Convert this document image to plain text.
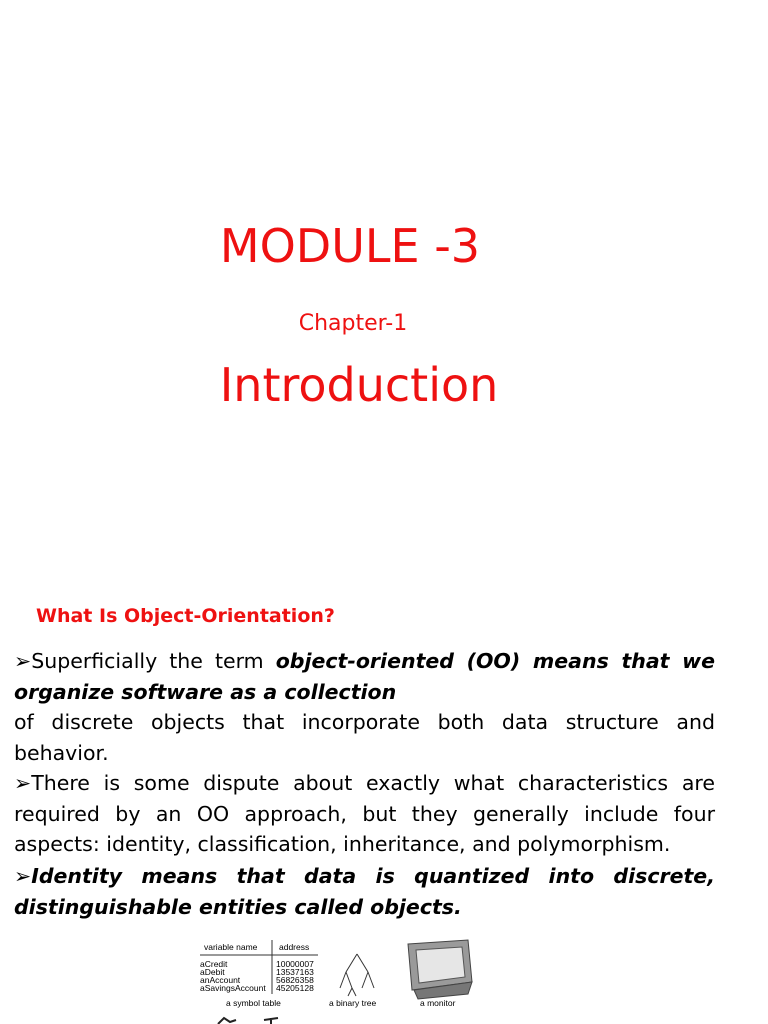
MODULE -3
Chapter-1
Introduction
What Is Object-Orientation?

➢Superficially the term object-oriented (OO) means that we organize software as a collection
of discrete objects that incorporate both data structure and behavior.

➢There is some dispute about exactly what characteristics are required by an OO approach, but they generally include four aspects: identity, classification, inheritance, and polymorphism.

➢Identity means that data is quantized into discrete, distinguishable entities called objects.

variable name	address
aCredit	10000007
aDebit	13537163
anAccount	56826358
aSavingsAccount 45205128
a symbol table	a binary tree	a monitor
